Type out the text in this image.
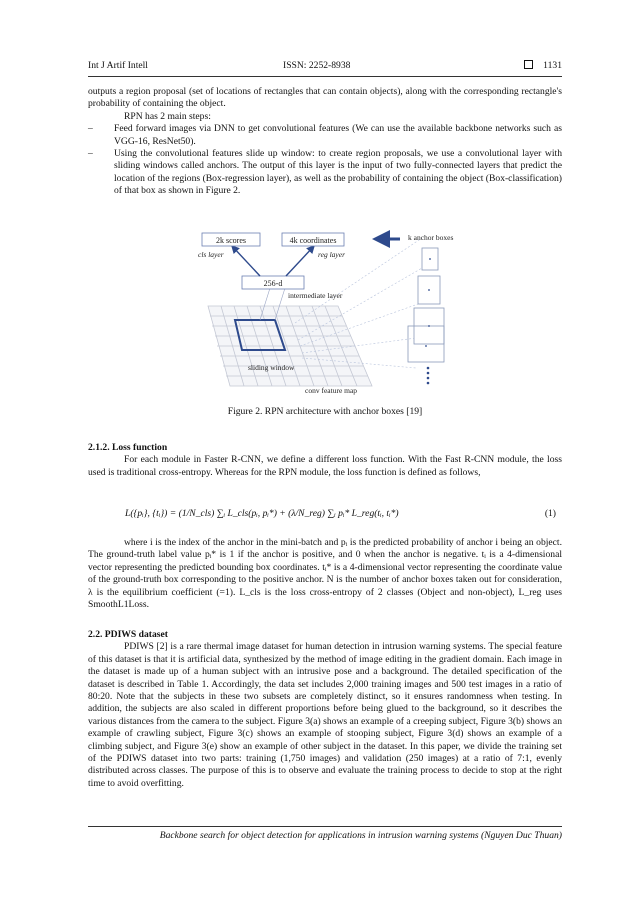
Int J Artif Intell	ISSN: 2252-8938	1131

outputs a region proposal (set of locations of rectangles that can contain objects), along with the corresponding rectangle's probability of containing the object.

RPN has 2 main steps:

– Feed forward images via DNN to get convolutional features (We can use the available backbone networks such as VGG-16, ResNet50).

– Using the convolutional features slide up window: to create region proposals, we use a convolutional layer with sliding windows called anchors. The output of this layer is the input of two fully-connected layers that predict the location of the regions (Box-regression layer), as well as the probability of containing the object (Box-classification) of that box as shown in Figure 2.

256-d
intermediate layer
2k scores	4k coordinates
cls layer	reg layer
k anchor boxes
sliding window
conv feature map
Figure 2. RPN architecture with anchor boxes [19]

2.1.2. Loss function

For each module in Faster R-CNN, we define a different loss function. With the Fast R-CNN module, the loss used is traditional cross-entropy. Whereas for the RPN module, the loss function is defined as follows,

L({pᵢ}, {tᵢ}) = (1/N_cls) ∑ᵢ L_cls(pᵢ, pᵢ*) + (λ/N_reg) ∑ᵢ pᵢ* L_reg(tᵢ, tᵢ*)	(1)

where i is the index of the anchor in the mini-batch and pᵢ is the predicted probability of anchor i being an object. The ground-truth label value pᵢ* is 1 if the anchor is positive, and 0 when the anchor is negative. tᵢ is a 4-dimensional vector representing the predicted bounding box coordinates. tᵢ* is a 4-dimensional vector representing the coordinate value of the ground-truth box corresponding to the positive anchor. N is the number of anchor boxes taken out for consideration, λ is the equilibrium coefficient (=1). L_cls is the loss cross-entropy of 2 classes (Object and non-object), L_reg uses SmoothL1Loss.

2.2. PDIWS dataset

PDIWS [2] is a rare thermal image dataset for human detection in intrusion warning systems. The special feature of this dataset is that it is artificial data, synthesized by the method of image editing in the gradient domain. Each image in the dataset is made up of a human subject with an intrusive pose and a background. The detailed specification of the dataset is described in Table 1. Accordingly, the data set includes 2,000 training images and 500 test images in a ratio of 80:20. Note that the subjects in these two subsets are completely distinct, so it ensures randomness when testing. In addition, the subjects are also scaled in different proportions before being glued to the background, so it describes the various distances from the camera to the subject. Figure 3(a) shows an example of a creeping subject, Figure 3(b) shows an example of crawling subject, Figure 3(c) shows an example of stooping subject, Figure 3(d) shows an example of a climbing subject, and Figure 3(e) show an example of other subject in the dataset. In this paper, we divide the training set of the PDIWS dataset into two parts: training (1,750 images) and validation (250 images) at a ratio of 7:1, evenly distributed across classes. The purpose of this is to observe and evaluate the training process to decide to stop at the right time to avoid overfitting.

Backbone search for object detection for applications in intrusion warning systems (Nguyen Duc Thuan)
